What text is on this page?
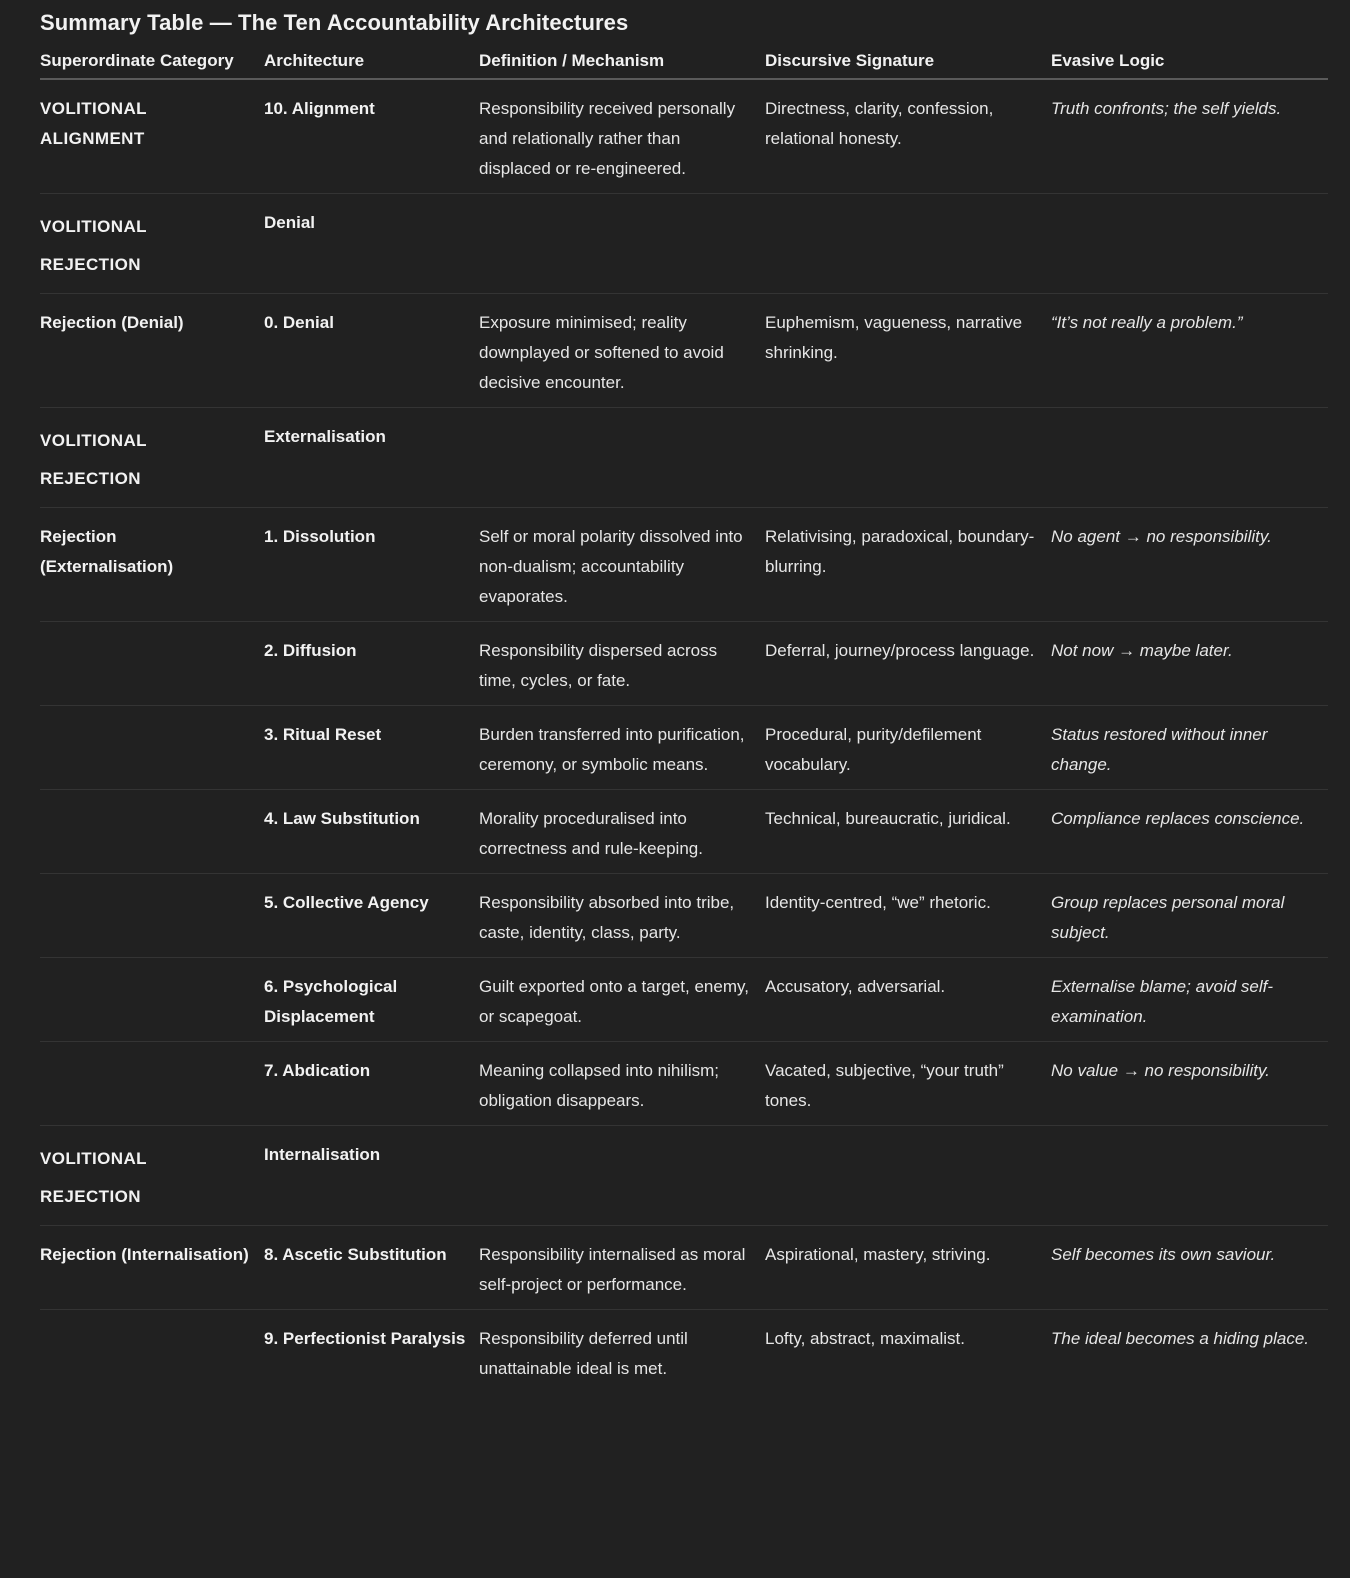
Summary Table — The Ten Accountability Architectures
Superordinate Category	Architecture	Definition / Mechanism	Discursive Signature	Evasive Logic
VOLITIONAL ALIGNMENT	10. Alignment	Responsibility received personally and relationally rather than displaced or re-engineered.	Directness, clarity, confession, relational honesty.	Truth confronts; the self yields.
VOLITIONAL REJECTION	Denial			
Rejection (Denial)	0. Denial	Exposure minimised; reality downplayed or softened to avoid decisive encounter.	Euphemism, vagueness, narrative shrinking.	“It’s not really a problem.”
VOLITIONAL REJECTION	Externalisation			
Rejection (Externalisation)	1. Dissolution	Self or moral polarity dissolved into non-dualism; accountability evaporates.	Relativising, paradoxical, boundary-blurring.	No agent → no responsibility.
	2. Diffusion	Responsibility dispersed across time, cycles, or fate.	Deferral, journey/process language.	Not now → maybe later.
	3. Ritual Reset	Burden transferred into purification, ceremony, or symbolic means.	Procedural, purity/defilement vocabulary.	Status restored without inner change.
	4. Law Substitution	Morality proceduralised into correctness and rule-keeping.	Technical, bureaucratic, juridical.	Compliance replaces conscience.
	5. Collective Agency	Responsibility absorbed into tribe, caste, identity, class, party.	Identity-centred, “we” rhetoric.	Group replaces personal moral subject.
	6. Psychological Displacement	Guilt exported onto a target, enemy, or scapegoat.	Accusatory, adversarial.	Externalise blame; avoid self-examination.
	7. Abdication	Meaning collapsed into nihilism; obligation disappears.	Vacated, subjective, “your truth” tones.	No value → no responsibility.
VOLITIONAL REJECTION	Internalisation			
Rejection (Internalisation)	8. Ascetic Substitution	Responsibility internalised as moral self-project or performance.	Aspirational, mastery, striving.	Self becomes its own saviour.
	9. Perfectionist Paralysis	Responsibility deferred until unattainable ideal is met.	Lofty, abstract, maximalist.	The ideal becomes a hiding place.
